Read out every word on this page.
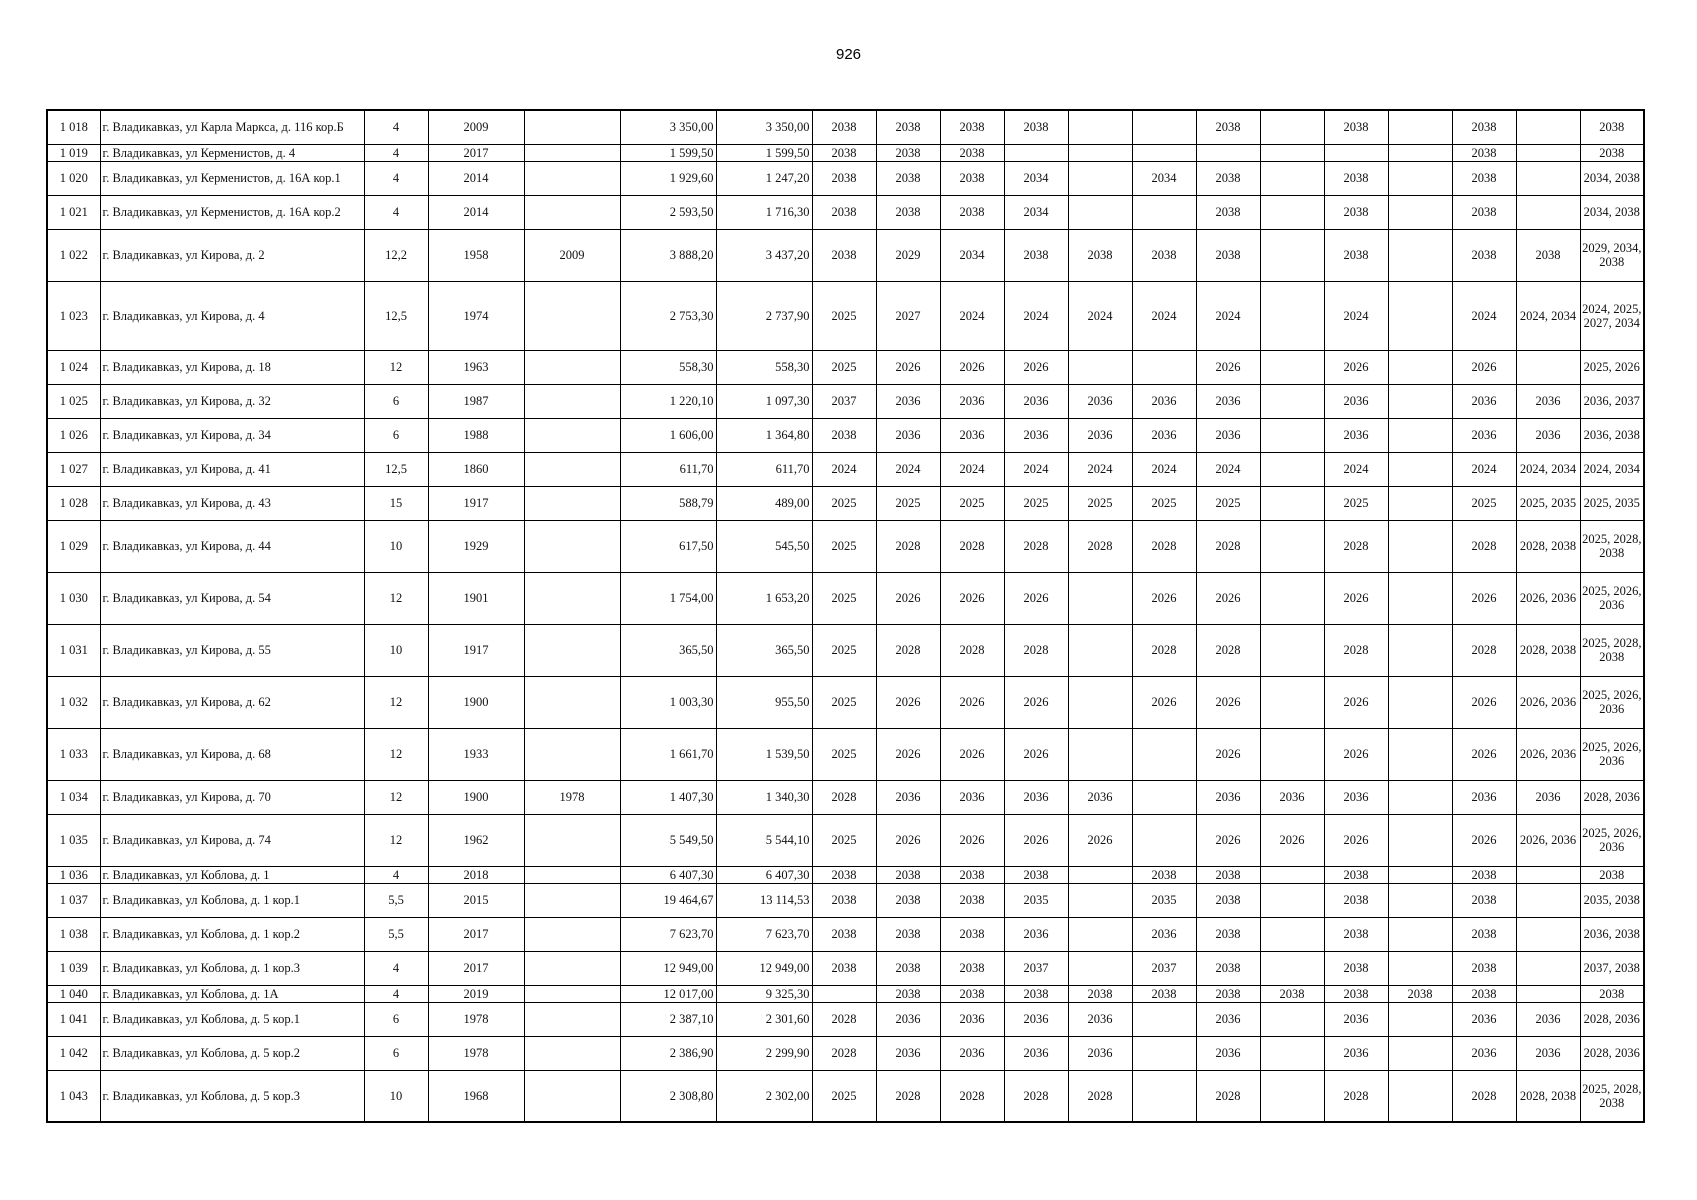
926
1 018	г. Владикавказ, ул Карла Маркса, д. 116 кор.Б	4	2009		3 350,00	3 350,00	2038	2038	2038	2038			2038		2038		2038		2038
1 019	г. Владикавказ, ул Керменистов, д. 4	4	2017		1 599,50	1 599,50	2038	2038	2038								2038		2038
1 020	г. Владикавказ, ул Керменистов, д. 16А кор.1	4	2014		1 929,60	1 247,20	2038	2038	2038	2034		2034	2038		2038		2038		2034, 2038
1 021	г. Владикавказ, ул Керменистов, д. 16А кор.2	4	2014		2 593,50	1 716,30	2038	2038	2038	2034			2038		2038		2038		2034, 2038
1 022	г. Владикавказ, ул Кирова, д. 2	12,2	1958	2009	3 888,20	3 437,20	2038	2029	2034	2038	2038	2038	2038		2038		2038	2038	2029, 2034, 2038
1 023	г. Владикавказ, ул Кирова, д. 4	12,5	1974		2 753,30	2 737,90	2025	2027	2024	2024	2024	2024	2024		2024		2024	2024, 2034	2024, 2025, 2027, 2034
1 024	г. Владикавказ, ул Кирова, д. 18	12	1963		558,30	558,30	2025	2026	2026	2026			2026		2026		2026		2025, 2026
1 025	г. Владикавказ, ул Кирова, д. 32	6	1987		1 220,10	1 097,30	2037	2036	2036	2036	2036	2036	2036		2036		2036	2036	2036, 2037
1 026	г. Владикавказ, ул Кирова, д. 34	6	1988		1 606,00	1 364,80	2038	2036	2036	2036	2036	2036	2036		2036		2036	2036	2036, 2038
1 027	г. Владикавказ, ул Кирова, д. 41	12,5	1860		611,70	611,70	2024	2024	2024	2024	2024	2024	2024		2024		2024	2024, 2034	2024, 2034
1 028	г. Владикавказ, ул Кирова, д. 43	15	1917		588,79	489,00	2025	2025	2025	2025	2025	2025	2025		2025		2025	2025, 2035	2025, 2035
1 029	г. Владикавказ, ул Кирова, д. 44	10	1929		617,50	545,50	2025	2028	2028	2028	2028	2028	2028		2028		2028	2028, 2038	2025, 2028, 2038
1 030	г. Владикавказ, ул Кирова, д. 54	12	1901		1 754,00	1 653,20	2025	2026	2026	2026		2026	2026		2026		2026	2026, 2036	2025, 2026, 2036
1 031	г. Владикавказ, ул Кирова, д. 55	10	1917		365,50	365,50	2025	2028	2028	2028		2028	2028		2028		2028	2028, 2038	2025, 2028, 2038
1 032	г. Владикавказ, ул Кирова, д. 62	12	1900		1 003,30	955,50	2025	2026	2026	2026		2026	2026		2026		2026	2026, 2036	2025, 2026, 2036
1 033	г. Владикавказ, ул Кирова, д. 68	12	1933		1 661,70	1 539,50	2025	2026	2026	2026			2026		2026		2026	2026, 2036	2025, 2026, 2036
1 034	г. Владикавказ, ул Кирова, д. 70	12	1900	1978	1 407,30	1 340,30	2028	2036	2036	2036	2036		2036	2036	2036		2036	2036	2028, 2036
1 035	г. Владикавказ, ул Кирова, д. 74	12	1962		5 549,50	5 544,10	2025	2026	2026	2026	2026		2026	2026	2026		2026	2026, 2036	2025, 2026, 2036
1 036	г. Владикавказ, ул Коблова, д. 1	4	2018		6 407,30	6 407,30	2038	2038	2038	2038		2038	2038		2038		2038		2038
1 037	г. Владикавказ, ул Коблова, д. 1 кор.1	5,5	2015		19 464,67	13 114,53	2038	2038	2038	2035		2035	2038		2038		2038		2035, 2038
1 038	г. Владикавказ, ул Коблова, д. 1 кор.2	5,5	2017		7 623,70	7 623,70	2038	2038	2038	2036		2036	2038		2038		2038		2036, 2038
1 039	г. Владикавказ, ул Коблова, д. 1 кор.3	4	2017		12 949,00	12 949,00	2038	2038	2038	2037		2037	2038		2038		2038		2037, 2038
1 040	г. Владикавказ, ул Коблова, д. 1А	4	2019		12 017,00	9 325,30		2038	2038	2038	2038	2038	2038	2038	2038	2038	2038		2038
1 041	г. Владикавказ, ул Коблова, д. 5 кор.1	6	1978		2 387,10	2 301,60	2028	2036	2036	2036	2036		2036		2036		2036	2036	2028, 2036
1 042	г. Владикавказ, ул Коблова, д. 5 кор.2	6	1978		2 386,90	2 299,90	2028	2036	2036	2036	2036		2036		2036		2036	2036	2028, 2036
1 043	г. Владикавказ, ул Коблова, д. 5 кор.3	10	1968		2 308,80	2 302,00	2025	2028	2028	2028	2028		2028		2028		2028	2028, 2038	2025, 2028, 2038
